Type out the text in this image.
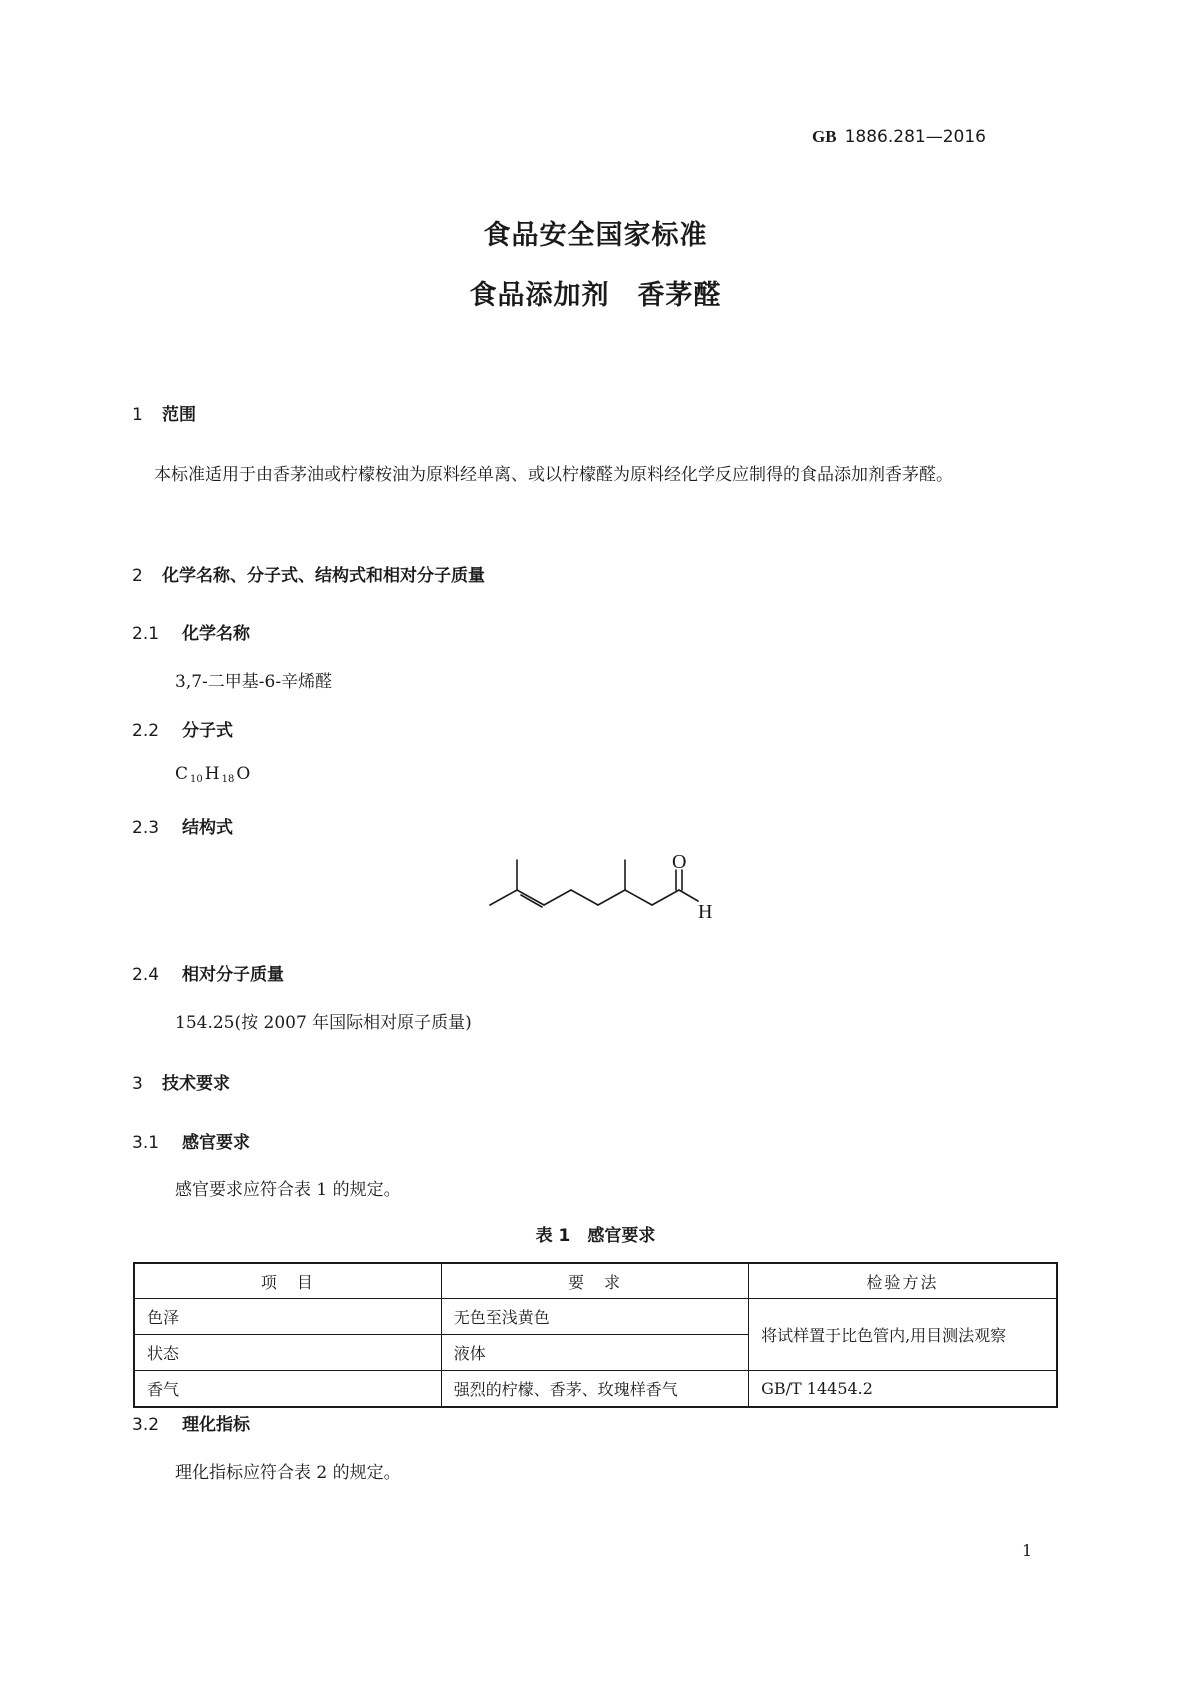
GB 1886.281—2016
食品安全国家标准
食品添加剂　香茅醛
1 范围
本标准适用于由香茅油或柠檬桉油为原料经单离、或以柠檬醛为原料经化学反应制得的食品添加剂香茅醛。
2 化学名称、分子式、结构式和相对分子质量
2.1 化学名称
3,7-二甲基-6-辛烯醛
2.2 分子式
C $_{10}$ H $_{18}$ O
2.3 结构式
O
H
2.4 相对分子质量
154.25(按 2007 年国际相对原子质量)
3 技术要求
3.1 感官要求
感官要求应符合表 1 的规定。
表 1　感官要求
项　目	要　求	检验方法
色泽	无色至浅黄色	将试样置于比色管内,用目测法观察
状态	液体	
香气	强烈的柠檬、香茅、玫瑰样香气	GB/T 14454.2
3.2 理化指标
理化指标应符合表 2 的规定。
1
